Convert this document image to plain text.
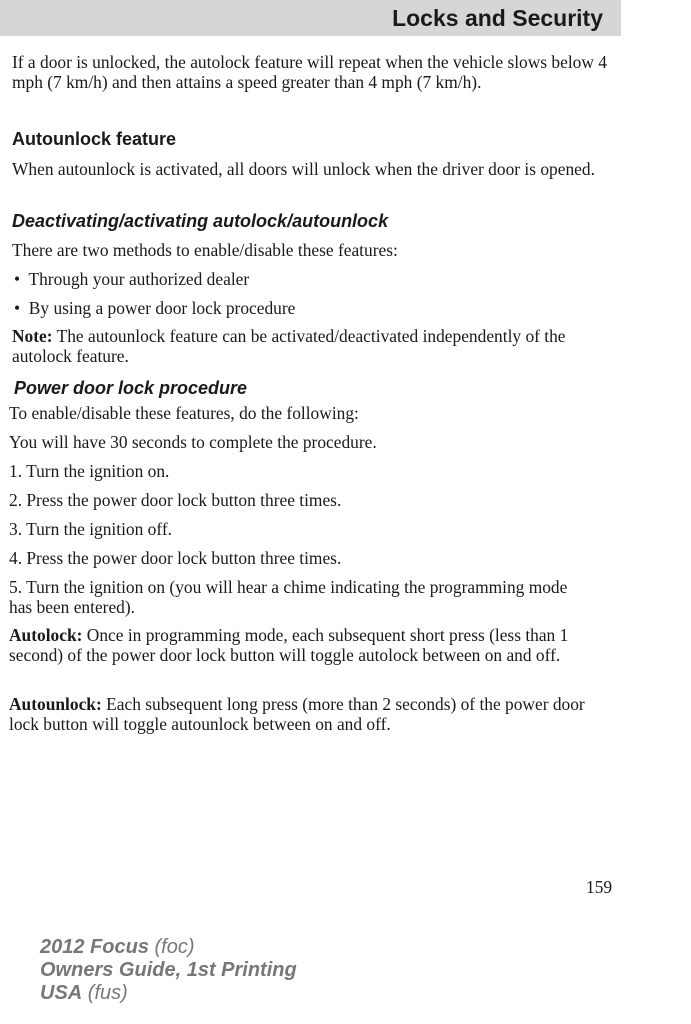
Locks and Security

If a door is unlocked, the autolock feature will repeat when the vehicle slows below 4 mph (7 km/h) and then attains a speed greater than 4 mph (7 km/h).

Autounlock feature

When autounlock is activated, all doors will unlock when the driver door is opened.

Deactivating/activating autolock/autounlock

There are two methods to enable/disable these features:

• Through your authorized dealer
• By using a power door lock procedure

Note: The autounlock feature can be activated/deactivated independently of the autolock feature.

Power door lock procedure

To enable/disable these features, do the following:

You will have 30 seconds to complete the procedure.

1. Turn the ignition on.

2. Press the power door lock button three times.

3. Turn the ignition off.

4. Press the power door lock button three times.

5. Turn the ignition on (you will hear a chime indicating the programming mode has been entered).

Autolock: Once in programming mode, each subsequent short press (less than 1 second) of the power door lock button will toggle autolock between on and off.

Autounlock: Each subsequent long press (more than 2 seconds) of the power door lock button will toggle autounlock between on and off.

159
2012 Focus (foc)
Owners Guide, 1st Printing
USA (fus)
